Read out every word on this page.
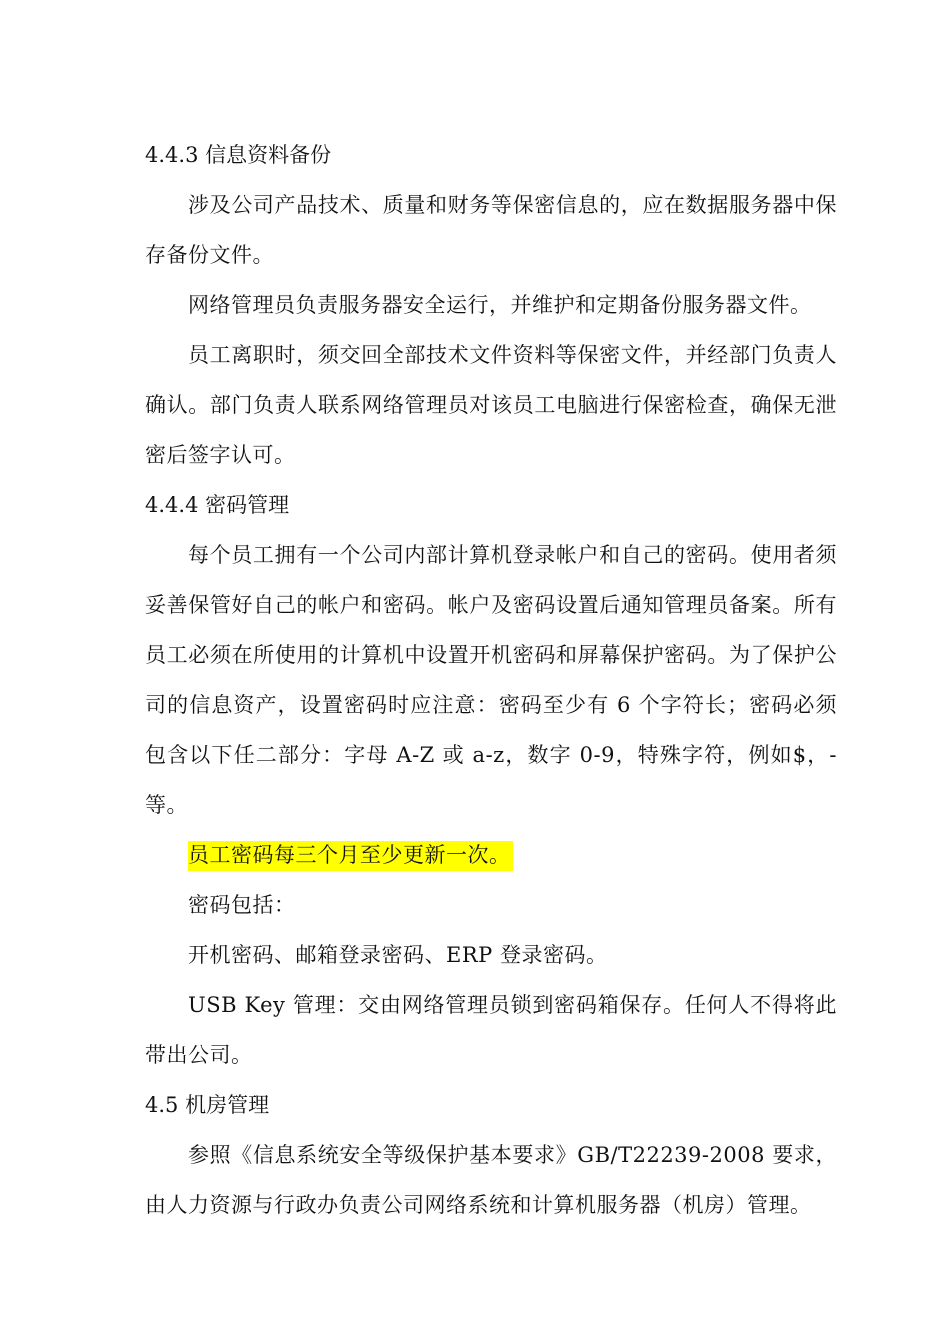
4.4.3 信息资料备份

涉及公司产品技术、质量和财务等保密信息的，应在数据服务器中保存备份文件。

网络管理员负责服务器安全运行，并维护和定期备份服务器文件。

员工离职时，须交回全部技术文件资料等保密文件，并经部门负责人确认。部门负责人联系网络管理员对该员工电脑进行保密检查，确保无泄密后签字认可。

4.4.4 密码管理

每个员工拥有一个公司内部计算机登录帐户和自己的密码。使用者须妥善保管好自己的帐户和密码。帐户及密码设置后通知管理员备案。所有员工必须在所使用的计算机中设置开机密码和屏幕保护密码。为了保护公司的信息资产，设置密码时应注意：密码至少有 6 个字符长；密码必须包含以下任二部分：字母 A-Z 或 a-z，数字 0-9，特殊字符，例如$，-等。

员工密码每三个月至少更新一次。

密码包括：

开机密码、邮箱登录密码、ERP 登录密码。

USB Key 管理：交由网络管理员锁到密码箱保存。任何人不得将此带出公司。

4.5 机房管理

参照《信息系统安全等级保护基本要求》GB/T22239-2008 要求，由人力资源与行政办负责公司网络系统和计算机服务器（机房）管理。
